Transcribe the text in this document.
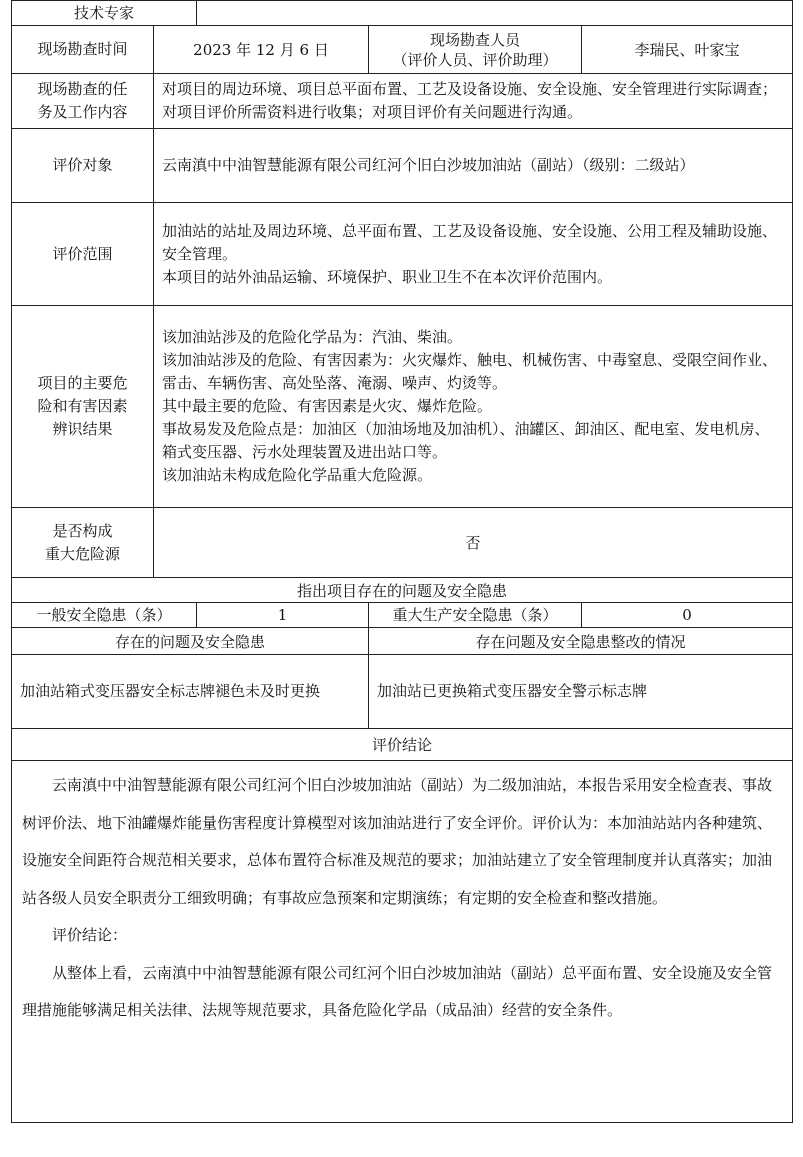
技术专家				
现场勘查时间	2023 年 12 月 6 日		现场勘查人员
（评价人员、评价助理）	李瑞民、叶家宝

现场勘查的任
务及工作内容	对项目的周边环境、项目总平面布置、工艺及设备设施、安全设施、安全管理进行实际调查；对项目评价所需资料进行收集；对项目评价有关问题进行沟通。			
评价对象	云南滇中中油智慧能源有限公司红河个旧白沙坡加油站（副站）（级别：二级站）			
评价范围	加油站的站址及周边环境、总平面布置、工艺及设备设施、安全设施、公用工程及辅助设施、安全管理。
本项目的站外油品运输、环境保护、职业卫生不在本次评价范围内。			

项目的主要危
险和有害因素
辨识结果	该加油站涉及的危险化学品为：汽油、柴油。
该加油站涉及的危险、有害因素为：火灾爆炸、触电、机械伤害、中毒窒息、受限空间作业、雷击、车辆伤害、高处坠落、淹溺、噪声、灼烫等。
其中最主要的危险、有害因素是火灾、爆炸危险。
事故易发及危险点是：加油区（加油场地及加油机）、油罐区、卸油区、配电室、发电机房、箱式变压器、污水处理装置及进出站口等。
该加油站未构成危险化学品重大危险源。			

是否构成
重大危险源	否			
指出项目存在的问题及安全隐患				
一般安全隐患（条）		1	重大生产安全隐患（条）	0
存在的问题及安全隐患			存在问题及安全隐患整改的情况	
加油站箱式变压器安全标志牌褪色未及时更换			加油站已更换箱式变压器安全警示标志牌	
评价结论				

云南滇中中油智慧能源有限公司红河个旧白沙坡加油站（副站）为二级加油站，本报告采用安全检查表、事故树评价法、地下油罐爆炸能量伤害程度计算模型对该加油站进行了安全评价。评价认为：本加油站站内各种建筑、设施安全间距符合规范相关要求，总体布置符合标准及规范的要求；加油站建立了安全管理制度并认真落实；加油站各级人员安全职责分工细致明确；有事故应急预案和定期演练；有定期的安全检查和整改措施。

评价结论：

从整体上看，云南滇中中油智慧能源有限公司红河个旧白沙坡加油站（副站）总平面布置、安全设施及安全管理措施能够满足相关法律、法规等规范要求，具备危险化学品（成品油）经营的安全条件。				
